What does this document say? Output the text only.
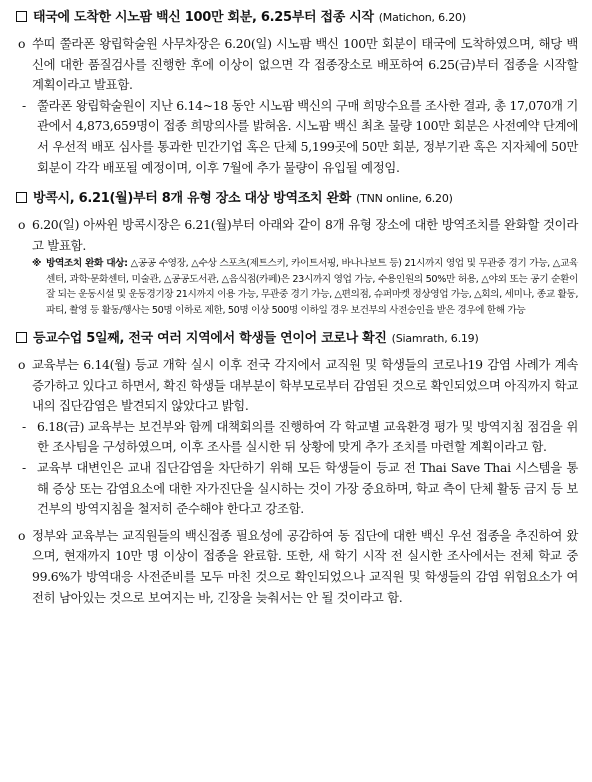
태국에 도착한 시노팜 백신 100만 회분, 6.25부터 접종 시작 (Matichon, 6.20)
o 쑤띠 쭐라폰 왕립학술원 사무차장은 6.20(일) 시노팜 백신 100만 회분이 태국에 도착하였으며, 해당 백신에 대한 품질검사를 진행한 후에 이상이 없으면 각 접종장소로 배포하여 6.25(금)부터 접종을 시작할 계획이라고 발표함.
- 쭐라폰 왕립학술원이 지난 6.14~18 동안 시노팜 백신의 구매 희망수요를 조사한 결과, 총 17,070개 기관에서 4,873,659명이 접종 희망의사를 밝혀옴. 시노팜 백신 최초 물량 100만 회분은 사전예약 단계에서 우선적 배포 심사를 통과한 민간기업 혹은 단체 5,199곳에 50만 회분, 정부기관 혹은 지자체에 50만 회분이 각각 배포될 예정이며, 이후 7월에 추가 물량이 유입될 예정임.
방콕시, 6.21(월)부터 8개 유형 장소 대상 방역조치 완화 (TNN online, 6.20)
o 6.20(일) 아싸윈 방콕시장은 6.21(월)부터 아래와 같이 8개 유형 장소에 대한 방역조치를 완화할 것이라고 발표함.
※ 방역조치 완화 대상: △공공 수영장, △수상 스포츠(제트스키, 카이트서핑, 바나나보트 등) 21시까지 영업 및 무관중 경기 가능, △교육센터, 과학·문화센터, 미술관, △공공도서관, △음식점(카페)은 23시까지 영업 가능, 수용인원의 50%만 허용, △야외 또는 공기 순환이 잘 되는 운동시설 및 운동경기장 21시까지 이용 가능, 무관중 경기 가능, △편의점, 슈퍼마켓 정상영업 가능, △회의, 세미나, 종교 활동, 파티, 촬영 등 활동/행사는 50명 이하로 제한, 50명 이상 500명 이하일 경우 보건부의 사전승인을 받은 경우에 한해 가능
등교수업 5일째, 전국 여러 지역에서 학생들 연이어 코로나 확진 (Siamrath, 6.19)
o 교육부는 6.14(월) 등교 개학 실시 이후 전국 각지에서 교직원 및 학생들의 코로나19 감염 사례가 계속 증가하고 있다고 하면서, 확진 학생들 대부분이 학부모로부터 감염된 것으로 확인되었으며 아직까지 학교 내의 집단감염은 발견되지 않았다고 밝힘.
- 6.18(금) 교육부는 보건부와 함께 대책회의를 진행하여 각 학교별 교육환경 평가 및 방역지침 점검을 위한 조사팀을 구성하였으며, 이후 조사를 실시한 뒤 상황에 맞게 추가 조치를 마련할 계획이라고 함.
- 교육부 대변인은 교내 집단감염을 차단하기 위해 모든 학생들이 등교 전 Thai Save Thai 시스템을 통해 증상 또는 감염요소에 대한 자가진단을 실시하는 것이 가장 중요하며, 학교 측이 단체 활동 금지 등 보건부의 방역지침을 철저히 준수해야 한다고 강조함.
o 정부와 교육부는 교직원들의 백신접종 필요성에 공감하여 동 집단에 대한 백신 우선 접종을 추진하여 왔으며, 현재까지 10만 명 이상이 접종을 완료함. 또한, 새 학기 시작 전 실시한 조사에서는 전체 학교 중 99.6%가 방역대응 사전준비를 모두 마친 것으로 확인되었으나 교직원 및 학생들의 감염 위험요소가 여전히 남아있는 것으로 보여지는 바, 긴장을 늦춰서는 안 될 것이라고 함.
